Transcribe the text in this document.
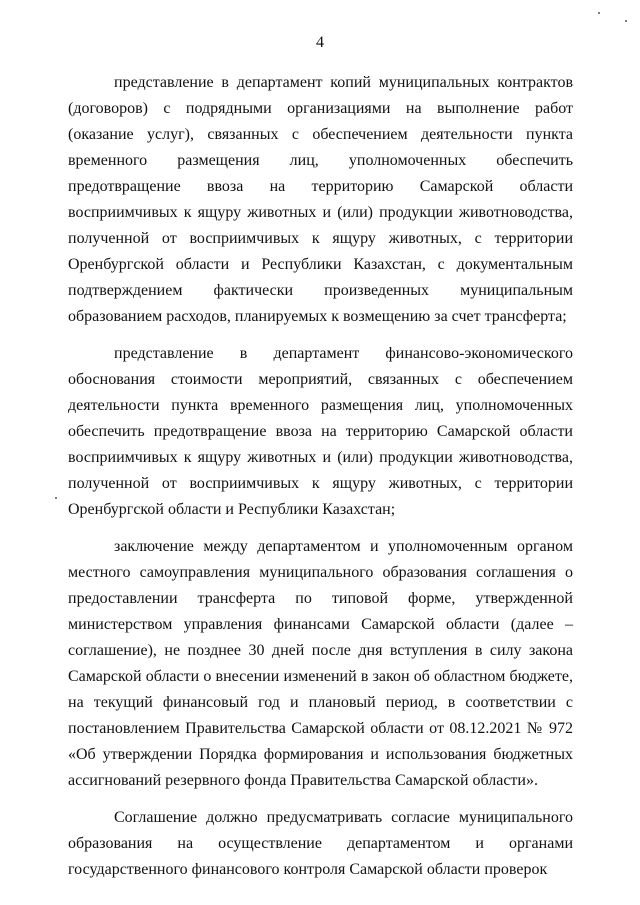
4

представление в департамент копий муниципальных контрактов (договоров) с подрядными организациями на выполнение работ (оказание услуг), связанных с обеспечением деятельности пункта временного размещения лиц, уполномоченных обеспечить предотвращение ввоза на территорию Самарской области восприимчивых к ящуру животных и (или) продукции животноводства, полученной от восприимчивых к ящуру животных, с территории Оренбургской области и Республики Казахстан, с документальным подтверждением фактически произведенных муниципальным образованием расходов, планируемых к возмещению за счет трансферта;

представление в департамент финансово-экономического обоснования стоимости мероприятий, связанных с обеспечением деятельности пункта временного размещения лиц, уполномоченных обеспечить предотвращение ввоза на территорию Самарской области восприимчивых к ящуру животных и (или) продукции животноводства, полученной от восприимчивых к ящуру животных, с территории Оренбургской области и Республики Казахстан;

заключение между департаментом и уполномоченным органом местного самоуправления муниципального образования соглашения о предоставлении трансферта по типовой форме, утвержденной министерством управления финансами Самарской области (далее – соглашение), не позднее 30 дней после дня вступления в силу закона Самарской области о внесении изменений в закон об областном бюджете, на текущий финансовый год и плановый период, в соответствии с постановлением Правительства Самарской области от 08.12.2021 № 972 «Об утверждении Порядка формирования и использования бюджетных ассигнований резервного фонда Правительства Самарской области».

Соглашение должно предусматривать согласие муниципального образования на осуществление департаментом и органами государственного финансового контроля Самарской области проверок
